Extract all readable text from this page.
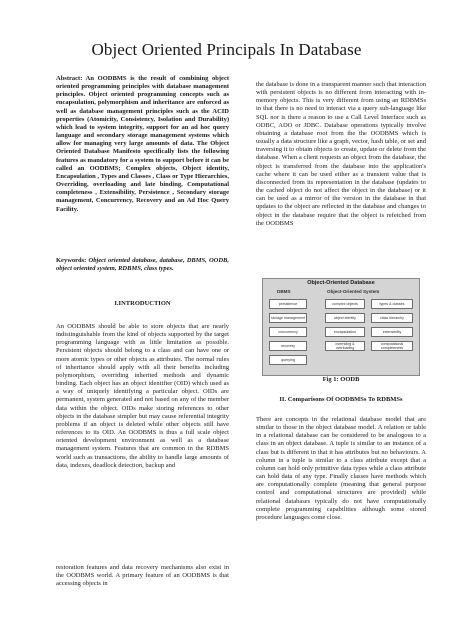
Object Oriented Principals In Database

Abstract: An OODBMS is the result of combining object oriented programming principles with database management principles. Object oriented programming concepts such as encapsulation, polymorphism and inheritance are enforced as well as database management principles such as the ACID properties (Atomicity, Consistency, Isolation and Durability) which lead to system integrity, support for an ad hoc query language and secondary storage management systems which allow for managing very large amounts of data. The Object Oriented Database Manifesto specifically lists the following features as mandatory for a system to support before it can be called an OODBMS; Complex objects, Object identity, Encapsulation , Types and Classes , Class or Type Hierarchies, Overriding, overloading and late binding, Computational completeness , Extensibility, Persistence , Secondary storage management, Concurrency, Recovery and an Ad Hoc Query Facility.

Keywords: Object oriented database, database, DBMS, OODB, object oriented system, RDBMS, class types.

I.INTRODUCTION

An OODBMS should be able to store objects that are nearly indistinguishable from the kind of objects supported by the target programming language with as little limitation as possible. Persistent objects should belong to a class and can have one or more atomic types or other objects as attributes. The normal rules of inheritance should apply with all their benefits including polymorphism, overriding inherited methods and dynamic binding. Each object has an object identifier (OID) which used as a way of uniquely identifying a particular object. OIDs are permanent, system generated and not based on any of the member data within the object. OIDs make storing references to other objects in the database simpler but may cause referential integrity problems if an object is deleted while other objects still have references to its OID. An OODBMS is thus a full scale object oriented development environment as well as a database management system. Features that are common in the RDBMS world such as transactions, the ability to handle large amounts of data, indexes, deadlock detection, backup and

restoration features and data recovery mechanisms also exist in the OODBMS world. A primary feature of an OODBMS is that accessing objects in

the database is done in a transparent manner such that interaction with persistent objects is no different from interacting with in-memory objects. This is very different from using an RDBMSs in that there is no need to interact via a query sub-language like SQL nor is there a reason to use a Call Level Interface such as ODBC, ADO or JDBC. Database operations typically involve obtaining a database root from the the OODBMS which is usually a data structure like a graph, vector, hash table, or set and traversing it to obtain objects to create, update or delete from the database. When a client requests an object from the database, the object is transferred from the database into the application's cache where it can be used either as a transient value that is disconnected from its representation in the database (updates to the cached object do not affect the object in the database) or it can be used as a mirror of the version in the database in that updates to the object are reflected in the database and changes to object in the database require that the object is refetched from the OODBMS

Object-Oriented Database
DBMS	Object-Oriented System
persistence
storage management
concurrency
recovery
querying
complex objects
object identity
encapsulation
overriding & overloading
types & classes
class hierarchy
extensibility
computational completeness
Fig 1: OODB
II. Comparisons Of OODBMSs To RDBMSs

There are concepts in the relational database model that are similar to those in the object database model. A relation or table in a relational database can be considered to be analogous to a class in an object database. A tuple is similar to an instance of a class but is different in that it has attributes but no behaviours. A column in a tuple is similar to a class attribute except that a column can hold only primitive data types while a class attribute can hold data of any type. Finally classes have methods which are computationally complete (meaning that general purpose control and computational structures are provided) while relational databases typically do not have computationally complete programming capabilities although some stored procedure languages come close.
